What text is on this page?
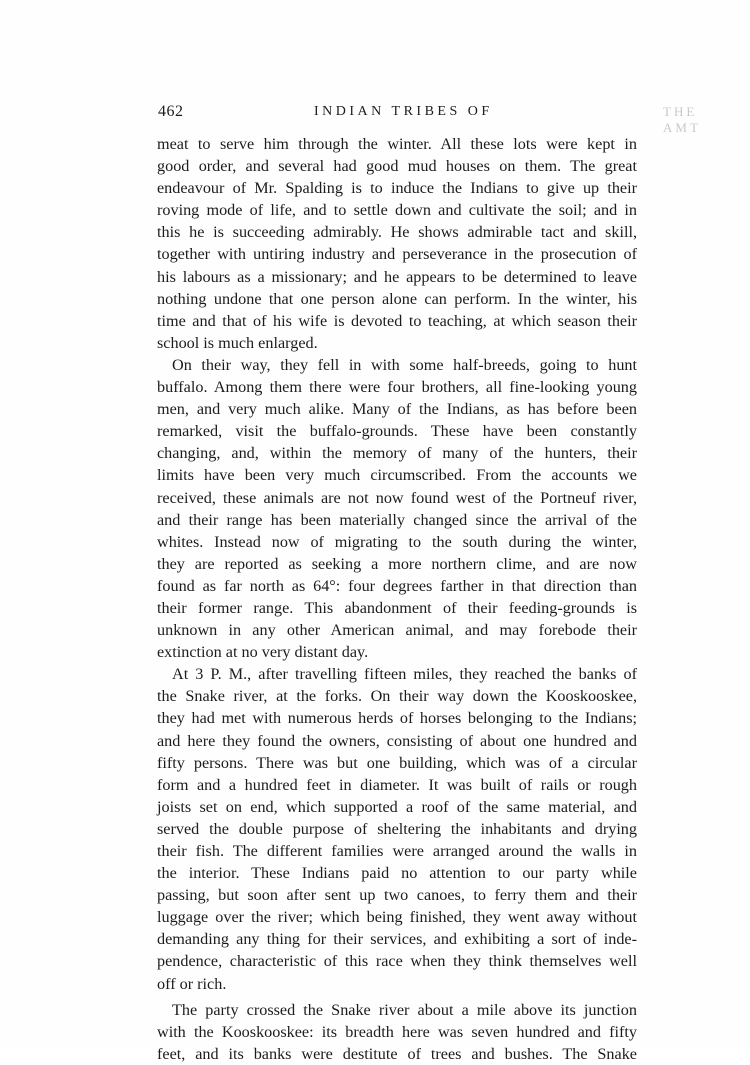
462	INDIAN TRIBES OF	THE AMT
meat to serve him through the winter. All these lots were kept in
good order, and several had good mud houses on them. The great
endeavour of Mr. Spalding is to induce the Indians to give up their
roving mode of life, and to settle down and cultivate the soil; and in
this he is succeeding admirably. He shows admirable tact and skill,
together with untiring industry and perseverance in the prosecution of
his labours as a missionary; and he appears to be determined to leave
nothing undone that one person alone can perform. In the winter, his
time and that of his wife is devoted to teaching, at which season their
school is much enlarged.
On their way, they fell in with some half-breeds, going to hunt
buffalo. Among them there were four brothers, all fine-looking young
men, and very much alike. Many of the Indians, as has before been
remarked, visit the buffalo-grounds. These have been constantly
changing, and, within the memory of many of the hunters, their
limits have been very much circumscribed. From the accounts we
received, these animals are not now found west of the Portneuf river,
and their range has been materially changed since the arrival of the
whites. Instead now of migrating to the south during the winter,
they are reported as seeking a more northern clime, and are now
found as far north as 64°: four degrees farther in that direction than
their former range. This abandonment of their feeding-grounds is
unknown in any other American animal, and may forebode their
extinction at no very distant day.
At 3 P. M., after travelling fifteen miles, they reached the banks of
the Snake river, at the forks. On their way down the Kooskooskee,
they had met with numerous herds of horses belonging to the Indians;
and here they found the owners, consisting of about one hundred and
fifty persons. There was but one building, which was of a circular
form and a hundred feet in diameter. It was built of rails or rough
joists set on end, which supported a roof of the same material, and
served the double purpose of sheltering the inhabitants and drying
their fish. The different families were arranged around the walls in
the interior. These Indians paid no attention to our party while
passing, but soon after sent up two canoes, to ferry them and their
luggage over the river; which being finished, they went away without
demanding any thing for their services, and exhibiting a sort of inde-
pendence, characteristic of this race when they think themselves well
off or rich.
The party crossed the Snake river about a mile above its junction
with the Kooskooskee: its breadth here was seven hundred and fifty
feet, and its banks were destitute of trees and bushes. The Snake
